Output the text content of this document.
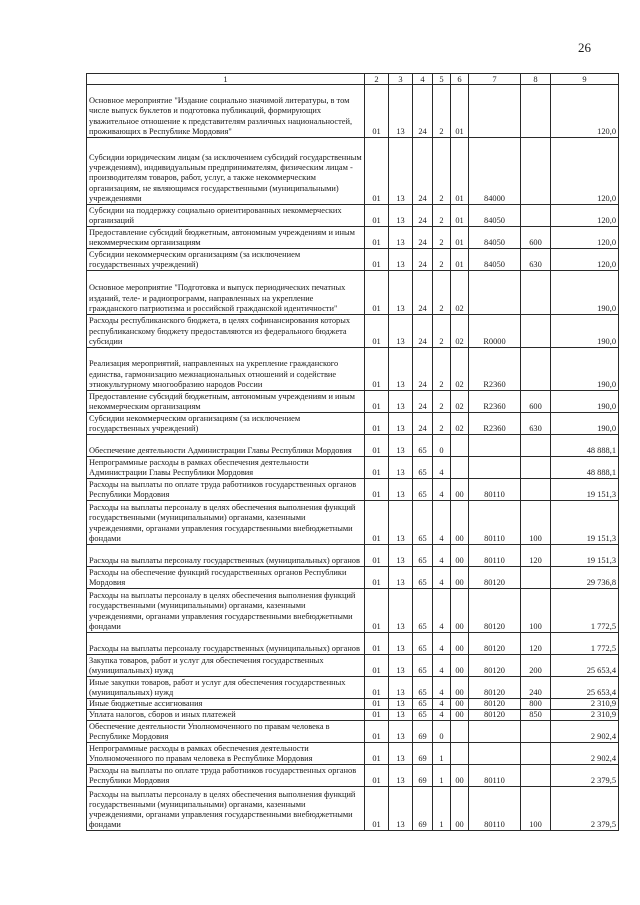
26
1	2	3	4	5	6	7	8	9
Основное мероприятие "Издание социально значимой литературы, в том числе выпуск буклетов и подготовка публикаций, формирующих уважительное отношение к представителям различных национальностей, проживающих в Республике Мордовия"	01	13	24	2	01			120,0
Субсидии юридическим лицам (за исключением субсидий государственным учреждениям), индивидуальным предпринимателям, физическим лицам - производителям товаров, работ, услуг, а также некоммерческим организациям, не являющимся государственными (муниципальными) учреждениями	01	13	24	2	01	84000		120,0
Субсидии на поддержку социально ориентированных некоммерческих организаций	01	13	24	2	01	84050		120,0
Предоставление субсидий бюджетным, автономным учреждениям и иным некоммерческим организациям	01	13	24	2	01	84050	600	120,0
Субсидии некоммерческим организациям (за исключением государственных учреждений)	01	13	24	2	01	84050	630	120,0
Основное мероприятие "Подготовка и выпуск периодических печатных изданий, теле- и радиопрограмм, направленных на укрепление гражданского патриотизма и российской гражданской идентичности"	01	13	24	2	02			190,0
Расходы республиканского бюджета, в целях софинансирования которых республиканскому бюджету предоставляются из федерального бюджета субсидии	01	13	24	2	02	R0000		190,0
Реализация мероприятий, направленных на укрепление гражданского единства, гармонизацию межнациональных отношений и содействие этнокультурному многообразию народов России	01	13	24	2	02	R2360		190,0
Предоставление субсидий бюджетным, автономным учреждениям и иным некоммерческим организациям	01	13	24	2	02	R2360	600	190,0
Субсидии некоммерческим организациям (за исключением государственных учреждений)	01	13	24	2	02	R2360	630	190,0
Обеспечение деятельности Администрации Главы Республики Мордовия	01	13	65	0				48 888,1
Непрограммные расходы в рамках обеспечения деятельности Администрации Главы Республики Мордовия	01	13	65	4				48 888,1
Расходы на выплаты по оплате труда работников государственных органов Республики Мордовия	01	13	65	4	00	80110		19 151,3
Расходы на выплаты персоналу в целях обеспечения выполнения функций государственными (муниципальными) органами, казенными учреждениями, органами управления государственными внебюджетными фондами	01	13	65	4	00	80110	100	19 151,3
Расходы на выплаты персоналу государственных (муниципальных) органов	01	13	65	4	00	80110	120	19 151,3
Расходы на обеспечение функций государственных органов Республики Мордовия	01	13	65	4	00	80120		29 736,8
Расходы на выплаты персоналу в целях обеспечения выполнения функций государственными (муниципальными) органами, казенными учреждениями, органами управления государственными внебюджетными фондами	01	13	65	4	00	80120	100	1 772,5
Расходы на выплаты персоналу государственных (муниципальных) органов	01	13	65	4	00	80120	120	1 772,5
Закупка товаров, работ и услуг для обеспечения государственных (муниципальных) нужд	01	13	65	4	00	80120	200	25 653,4
Иные закупки товаров, работ и услуг для обеспечения государственных (муниципальных) нужд	01	13	65	4	00	80120	240	25 653,4
Иные бюджетные ассигнования	01	13	65	4	00	80120	800	2 310,9
Уплата налогов, сборов и иных платежей	01	13	65	4	00	80120	850	2 310,9
Обеспечение деятельности Уполномоченного по правам человека в Республике Мордовия	01	13	69	0				2 902,4
Непрограммные расходы в рамках обеспечения деятельности Уполномоченного по правам человека в Республике Мордовия	01	13	69	1				2 902,4
Расходы на выплаты по оплате труда работников государственных органов Республики Мордовия	01	13	69	1	00	80110		2 379,5
Расходы на выплаты персоналу в целях обеспечения выполнения функций государственными (муниципальными) органами, казенными учреждениями, органами управления государственными внебюджетными фондами	01	13	69	1	00	80110	100	2 379,5
